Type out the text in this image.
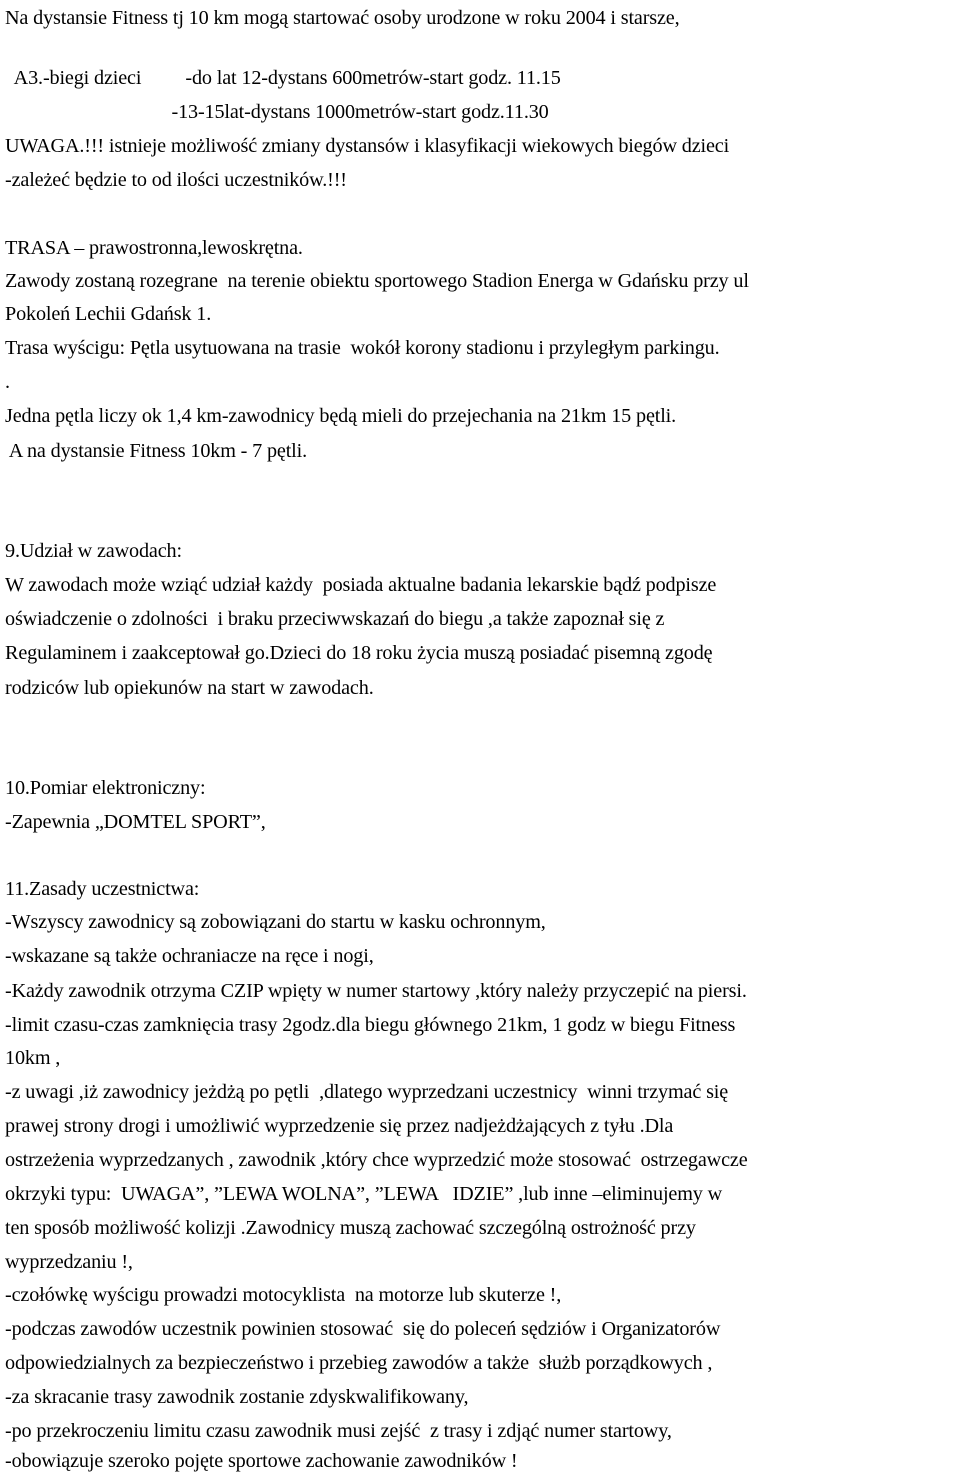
Na dystansie Fitness tj 10 km mogą startować osoby urodzone w roku 2004 i starsze,
A3.-biegi dzieci         -do lat 12-dystans 600metrów-start godz. 11.15
-13-15lat-dystans 1000metrów-start godz.11.30
UWAGA.!!! istnieje możliwość zmiany dystansów i klasyfikacji wiekowych biegów dzieci
-zależeć będzie to od ilości uczestników.!!!
TRASA – prawostronna,lewoskrętna.
Zawody zostaną rozegrane  na terenie obiektu sportowego Stadion Energa w Gdańsku przy ul
Pokoleń Lechii Gdańsk 1.
Trasa wyścigu: Pętla usytuowana na trasie  wokół korony stadionu i przyległym parkingu.
.
Jedna pętla liczy ok 1,4 km-zawodnicy będą mieli do przejechania na 21km 15 pętli.
A na dystansie Fitness 10km - 7 pętli.
9.Udział w zawodach:
W zawodach może wziąć udział każdy  posiada aktualne badania lekarskie bądź podpisze
oświadczenie o zdolności  i braku przeciwwskazań do biegu ,a także zapoznał się z
Regulaminem i zaakceptował go.Dzieci do 18 roku życia muszą posiadać pisemną zgodę
rodziców lub opiekunów na start w zawodach.
10.Pomiar elektroniczny:
-Zapewnia „DOMTEL SPORT”,
11.Zasady uczestnictwa:
-Wszyscy zawodnicy są zobowiązani do startu w kasku ochronnym,
-wskazane są także ochraniacze na ręce i nogi,
-Każdy zawodnik otrzyma CZIP wpięty w numer startowy ,który należy przyczepić na piersi.
-limit czasu-czas zamknięcia trasy 2godz.dla biegu głównego 21km, 1 godz w biegu Fitness
10km ,
-z uwagi ,iż zawodnicy jeżdżą po pętli  ,dlatego wyprzedzani uczestnicy  winni trzymać się
prawej strony drogi i umożliwić wyprzedzenie się przez nadjeżdżających z tyłu .Dla
ostrzeżenia wyprzedzanych , zawodnik ,który chce wyprzedzić może stosować  ostrzegawcze
okrzyki typu:  UWAGA”, ”LEWA WOLNA”, ”LEWA   IDZIE” ,lub inne –eliminujemy w
ten sposób możliwość kolizji .Zawodnicy muszą zachować szczególną ostrożność przy
wyprzedzaniu !,
-czołówkę wyścigu prowadzi motocyklista  na motorze lub skuterze !,
-podczas zawodów uczestnik powinien stosować  się do poleceń sędziów i Organizatorów
odpowiedzialnych za bezpieczeństwo i przebieg zawodów a także  służb porządkowych ,
-za skracanie trasy zawodnik zostanie zdyskwalifikowany,
-po przekroczeniu limitu czasu zawodnik musi zejść  z trasy i zdjąć numer startowy,
-obowiązuje szeroko pojęte sportowe zachowanie zawodników !
